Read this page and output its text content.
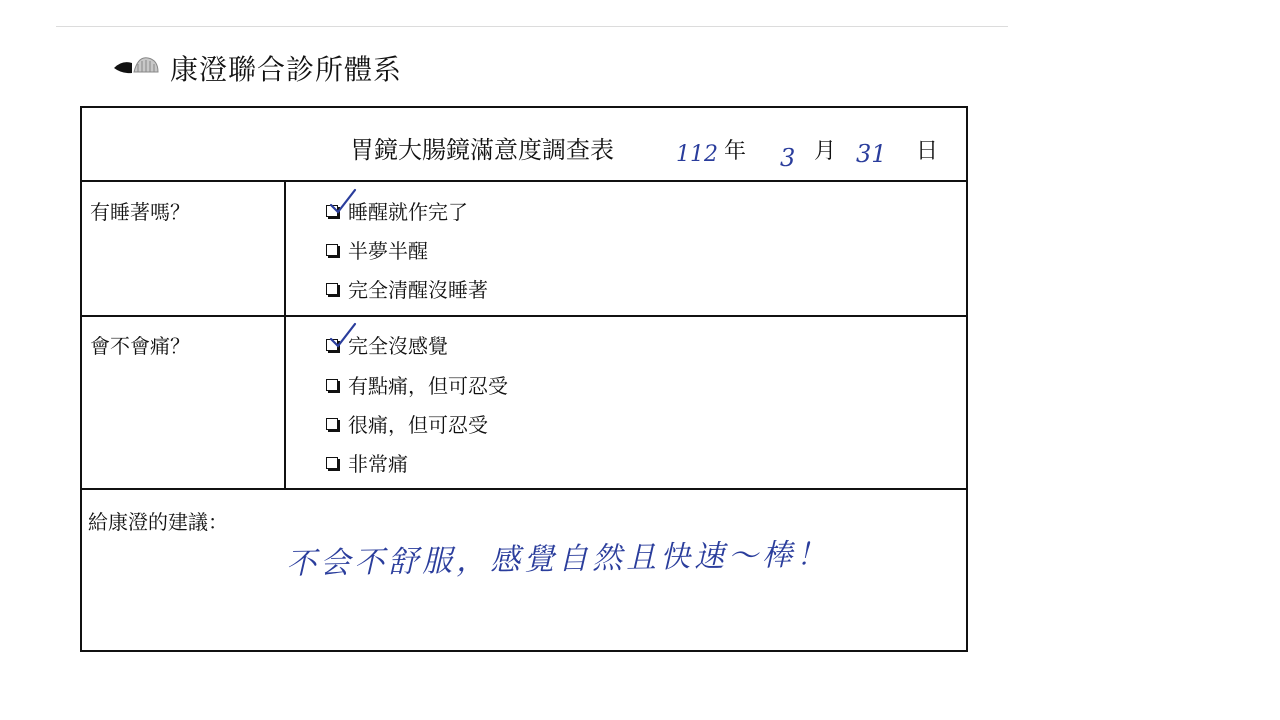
康澄聯合診所體系
胃鏡大腸鏡滿意度調查表	112 年 3 月 31 日
有睡著嗎？	睡醒就作完了
半夢半醒
完全清醒沒睡著
會不會痛？	完全沒感覺
有點痛，但可忍受
很痛，但可忍受
非常痛
給康澄的建議：
不会不舒服，感覺自然且快速～棒！
